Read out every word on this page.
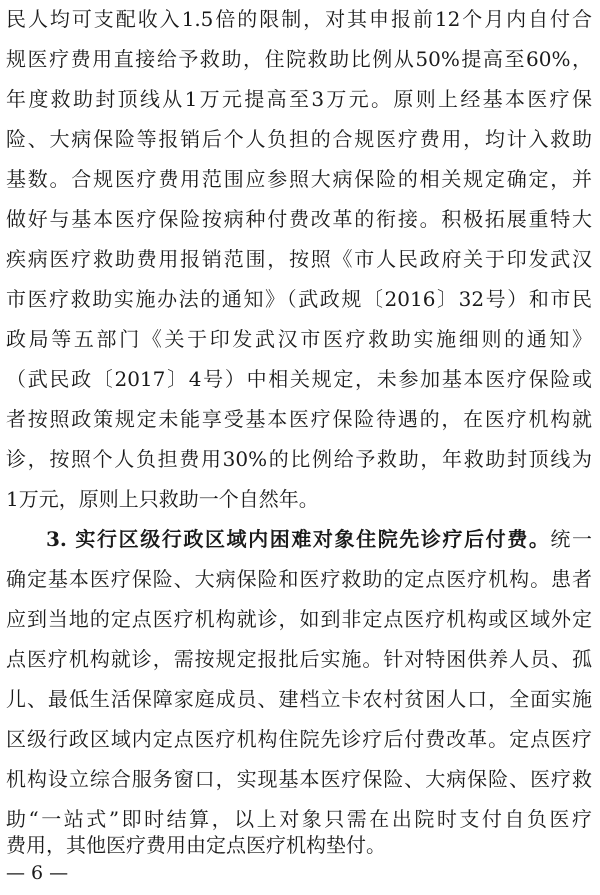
民人均可支配收入1.5倍的限制，对其申报前12个月内自付合
规医疗费用直接给予救助，住院救助比例从50%提高至60%，
年度救助封顶线从1万元提高至3万元。原则上经基本医疗保
险、大病保险等报销后个人负担的合规医疗费用，均计入救助
基数。合规医疗费用范围应参照大病保险的相关规定确定，并
做好与基本医疗保险按病种付费改革的衔接。积极拓展重特大
疾病医疗救助费用报销范围，按照《市人民政府关于印发武汉
市医疗救助实施办法的通知》（武政规〔2016〕32号）和市民
政局等五部门《关于印发武汉市医疗救助实施细则的通知》
（武民政〔2017〕4号）中相关规定，未参加基本医疗保险或
者按照政策规定未能享受基本医疗保险待遇的，在医疗机构就
诊，按照个人负担费用30%的比例给予救助，年救助封顶线为
1万元，原则上只救助一个自然年。
3. 实行区级行政区域内困难对象住院先诊疗后付费。统一
确定基本医疗保险、大病保险和医疗救助的定点医疗机构。患者
应到当地的定点医疗机构就诊，如到非定点医疗机构或区域外定
点医疗机构就诊，需按规定报批后实施。针对特困供养人员、孤
儿、最低生活保障家庭成员、建档立卡农村贫困人口，全面实施
区级行政区域内定点医疗机构住院先诊疗后付费改革。定点医疗
机构设立综合服务窗口，实现基本医疗保险、大病保险、医疗救
助“一站式”即时结算，以上对象只需在出院时支付自负医疗
费用，其他医疗费用由定点医疗机构垫付。
— 6 —
